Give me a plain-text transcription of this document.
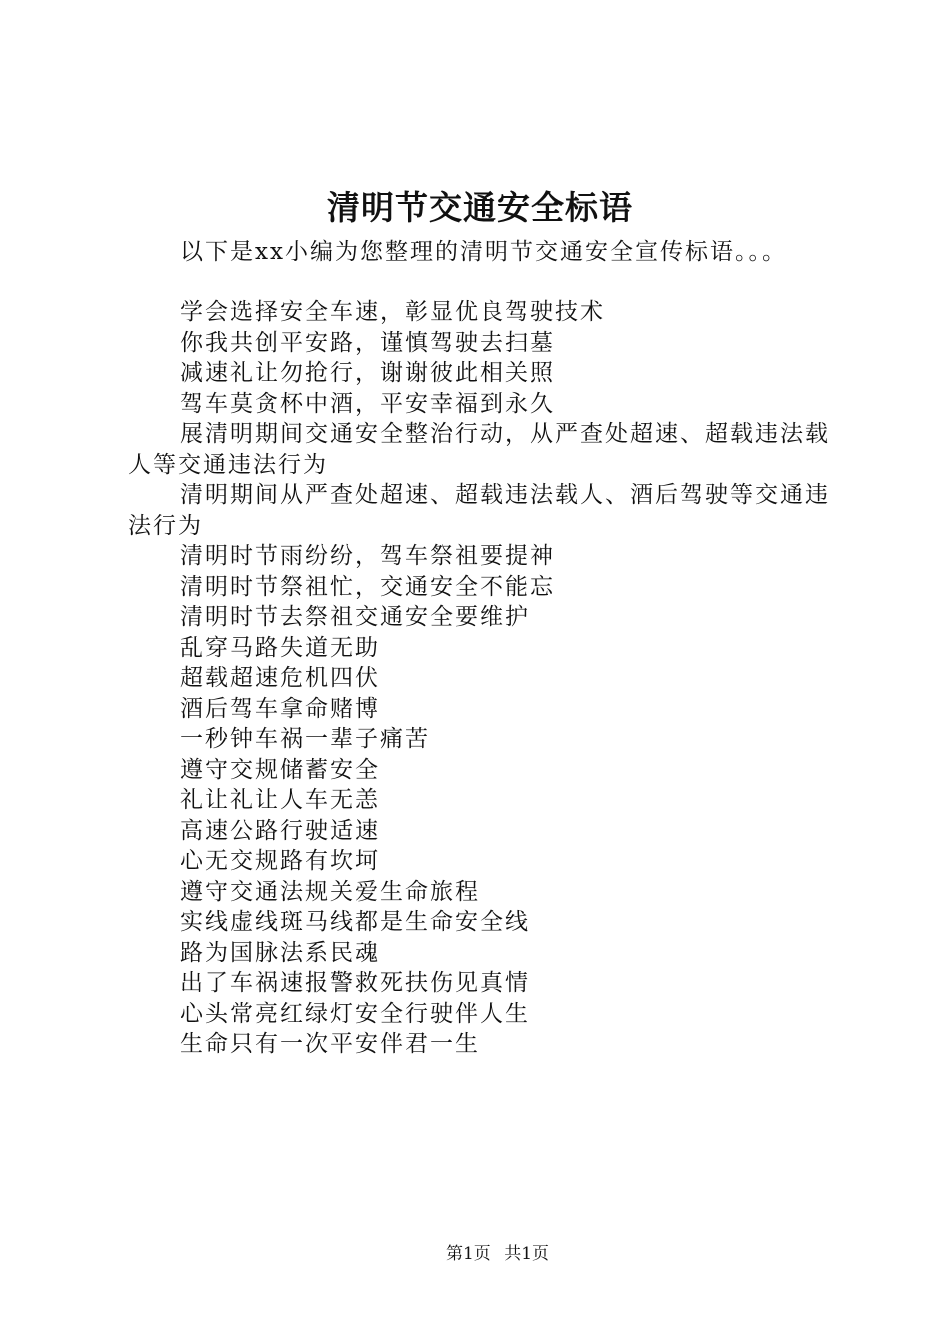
清明节交通安全标语
以下是xx小编为您整理的清明节交通安全宣传标语。。。

学会选择安全车速，彰显优良驾驶技术

你我共创平安路，谨慎驾驶去扫墓

减速礼让勿抢行，谢谢彼此相关照

驾车莫贪杯中酒，平安幸福到永久

展清明期间交通安全整治行动，从严查处超速、超载违法载人等交通违法行为

清明期间从严查处超速、超载违法载人、酒后驾驶等交通违法行为

清明时节雨纷纷，驾车祭祖要提神

清明时节祭祖忙，交通安全不能忘

清明时节去祭祖交通安全要维护

乱穿马路失道无助

超载超速危机四伏

酒后驾车拿命赌博

一秒钟车祸一辈子痛苦

遵守交规储蓄安全

礼让礼让人车无恙

高速公路行驶适速

心无交规路有坎坷

遵守交通法规关爱生命旅程

实线虚线斑马线都是生命安全线

路为国脉法系民魂

出了车祸速报警救死扶伤见真情

心头常亮红绿灯安全行驶伴人生

生命只有一次平安伴君一生

第1页 共1页
